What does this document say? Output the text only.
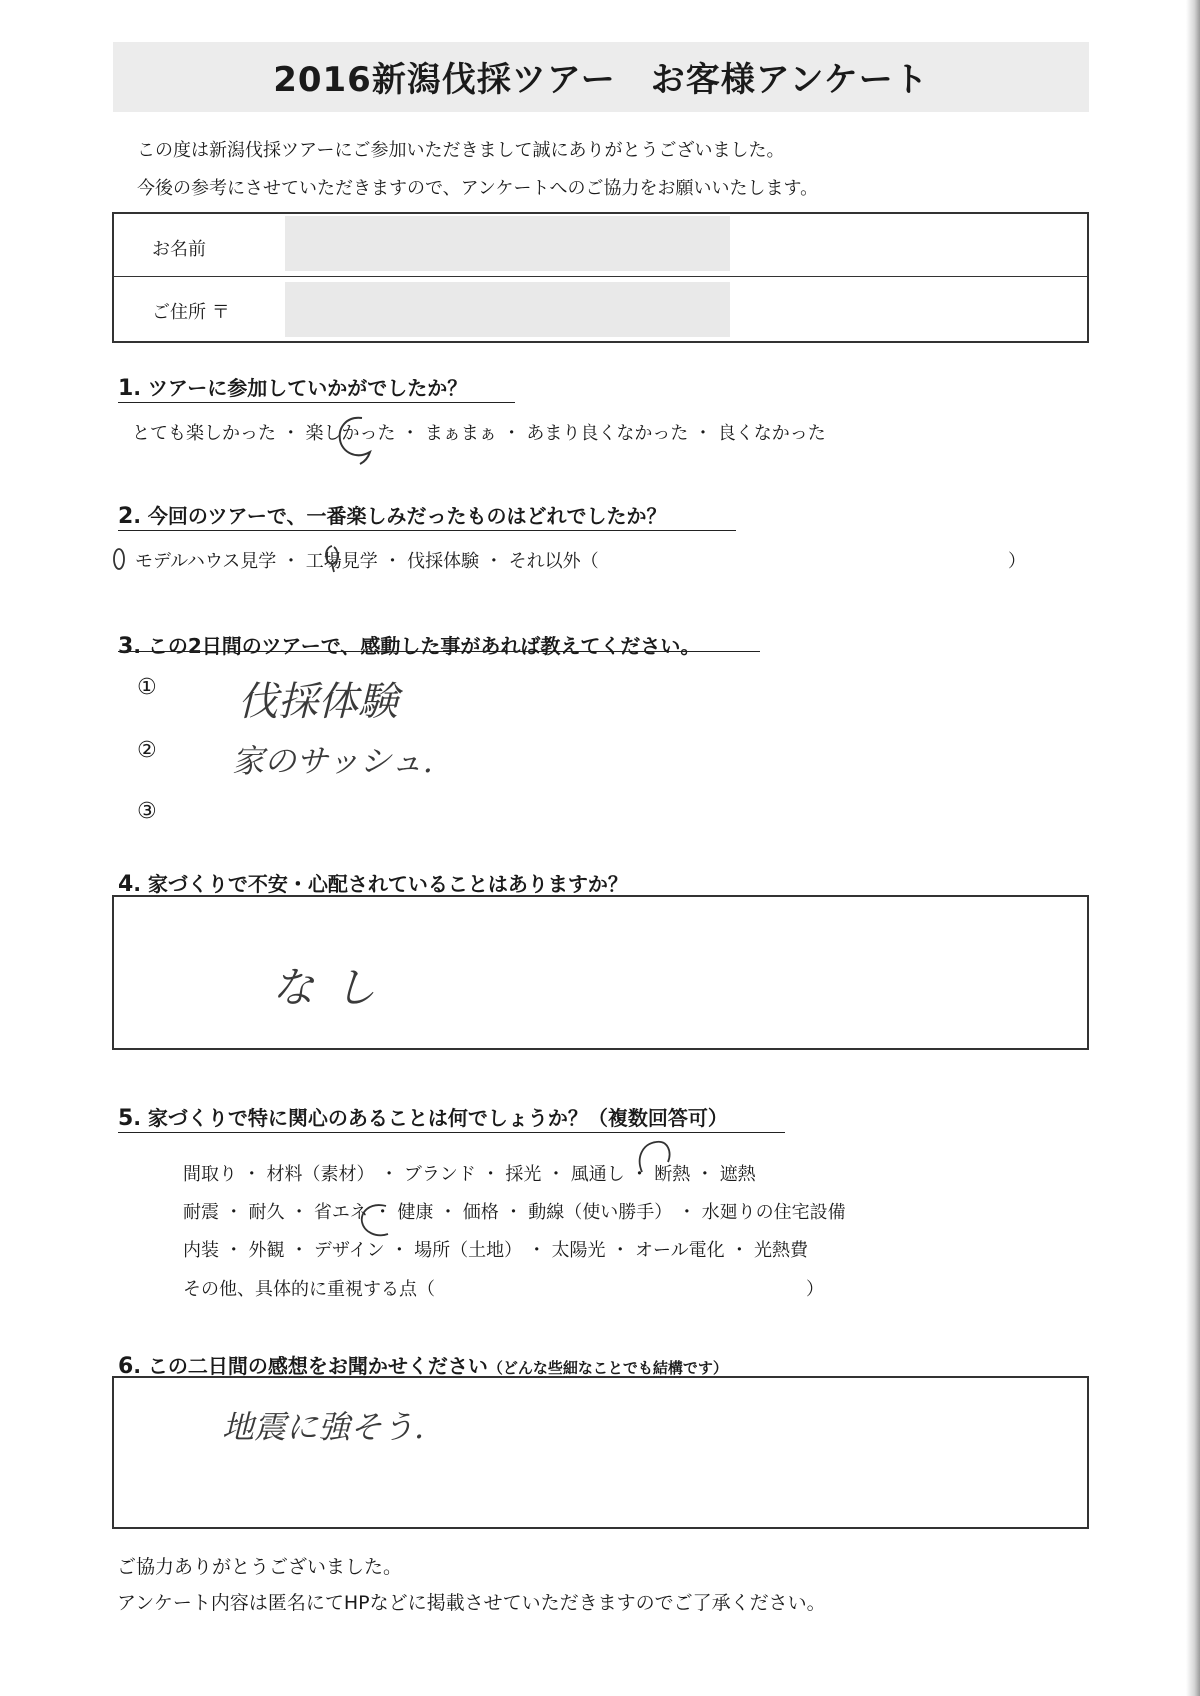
2016新潟伐採ツアー　お客様アンケート
この度は新潟伐採ツアーにご参加いただきまして誠にありがとうございました。
今後の参考にさせていただきますので、アンケートへのご協力をお願いいたします。
お名前
ご住所 〒
1. ツアーに参加していかがでしたか？
とても楽しかった ・ 楽しかった ・ まぁまぁ ・ あまり良くなかった ・ 良くなかった
2. 今回のツアーで、一番楽しみだったものはどれでしたか？
モデルハウス見学 ・ 工場見学 ・ 伐採体験 ・ それ以外（	）
3. この2日間のツアーで、感動した事があれば教えてください。
① 伐採体験
② 家のサッシュ.
③
4. 家づくりで不安・心配されていることはありますか？
なし
5. 家づくりで特に関心のあることは何でしょうか？（複数回答可）
間取り ・ 材料（素材） ・ ブランド ・ 採光 ・ 風通し ・ 断熱 ・ 遮熱
耐震 ・ 耐久 ・ 省エネ ・ 健康 ・ 価格 ・ 動線（使い勝手） ・ 水廻りの住宅設備
内装 ・ 外観 ・ デザイン ・ 場所（土地） ・ 太陽光 ・ オール電化 ・ 光熱費
その他、具体的に重視する点（	）
6. この二日間の感想をお聞かせください（どんな些細なことでも結構です）
地震に強そう.
ご協力ありがとうございました。
アンケート内容は匿名にてHPなどに掲載させていただきますのでご了承ください。
